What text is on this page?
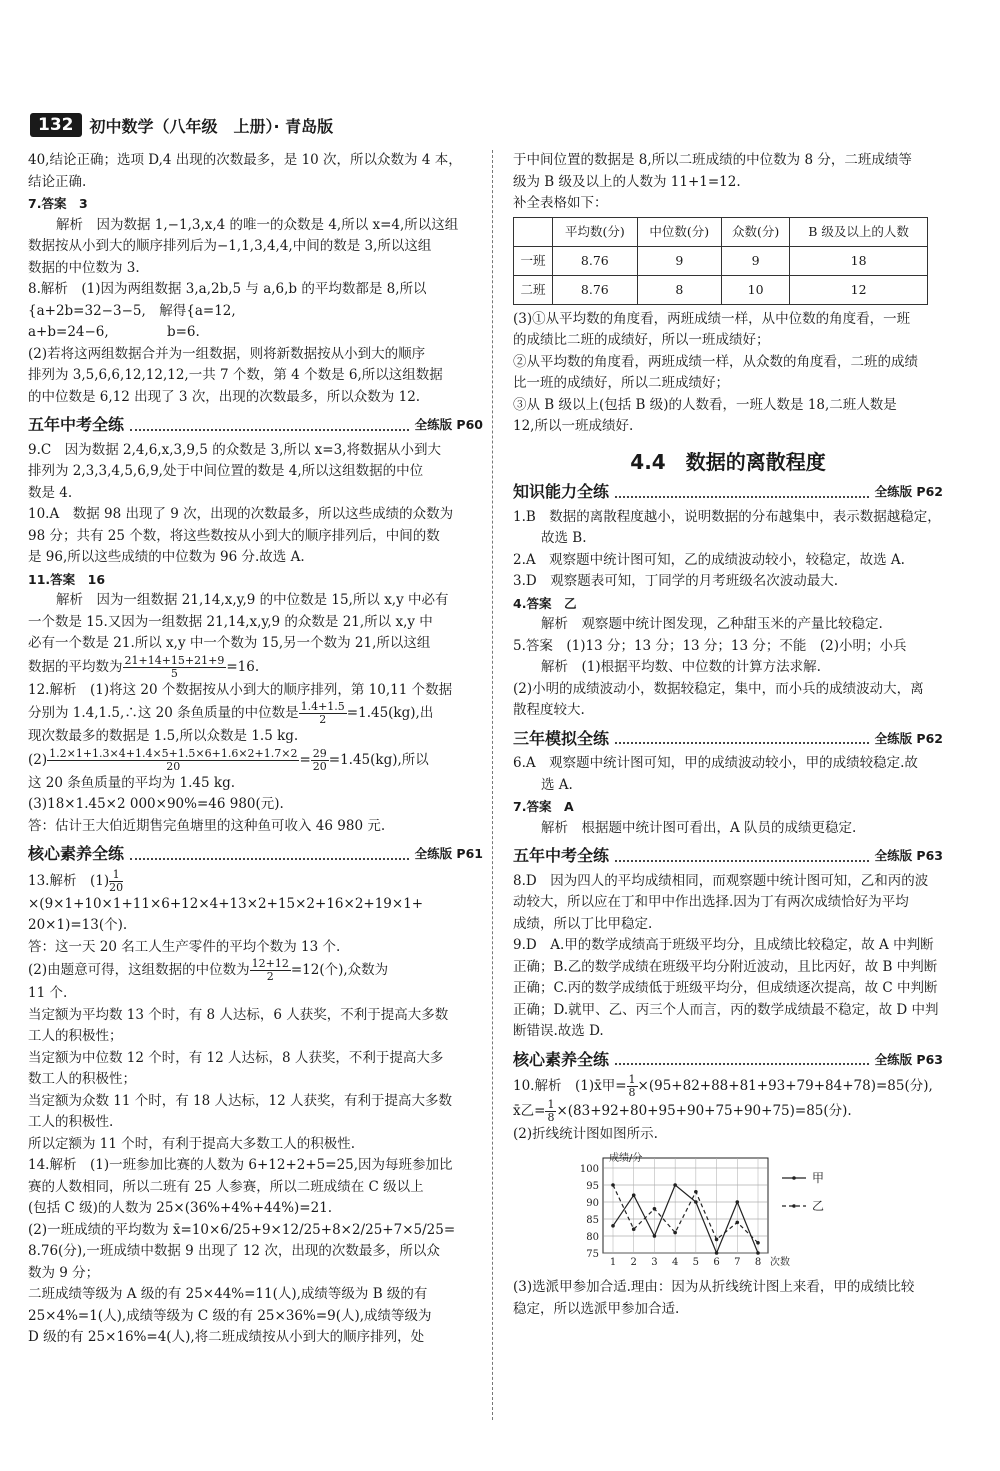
132	初中数学（八年级　上册）· 青岛版

40,结论正确；选项 D,4 出现的次数最多，是 10 次，所以众数为 4 本，

结论正确.

7.答案　3

解析　因为数据 1,−1,3,x,4 的唯一的众数是 4,所以 x=4,所以这组

数据按从小到大的顺序排列后为−1,1,3,4,4,中间的数是 3,所以这组

数据的中位数为 3.

8.解析　(1)因为两组数据 3,a,2b,5 与 a,6,b 的平均数都是 8,所以

{a+2b=32−3−5,　解得{a=12,

a+b=24−6,　　　　 b=6.

(2)若将这两组数据合并为一组数据，则将新数据按从小到大的顺序

排列为 3,5,6,6,12,12,12,一共 7 个数，第 4 个数是 6,所以这组数据

的中位数是 6,12 出现了 3 次，出现的次数最多，所以众数为 12.

五年中考全练	全练版 P60

9.C　因为数据 2,4,6,x,3,9,5 的众数是 3,所以 x=3,将数据从小到大

排列为 2,3,3,4,5,6,9,处于中间位置的数是 4,所以这组数据的中位

数是 4.

10.A　数据 98 出现了 9 次，出现的次数最多，所以这些成绩的众数为

98 分；共有 25 个数，将这些数按从小到大的顺序排列后，中间的数

是 96,所以这些成绩的中位数为 96 分.故选 A.

11.答案　16

解析　因为一组数据 21,14,x,y,9 的中位数是 15,所以 x,y 中必有

一个数是 15.又因为一组数据 21,14,x,y,9 的众数是 21,所以 x,y 中

必有一个数是 21.所以 x,y 中一个数为 15,另一个数为 21,所以这组

数据的平均数为 $\frac{21+14+15+21+9}{5} =16$.

12.解析　(1)将这 20 个数据按从小到大的顺序排列，第 10,11 个数据

分别为 1.4,1.5,∴这 20 条鱼质量的中位数是 $\frac{1.4+1.5}{2} =1.45(kg)$,出

现次数最多的数据是 1.5,所以众数是 1.5 kg.

$(2) \frac{1.2\times 1+1.3\times 4+1.4\times 5+1.5\times 6+1.6\times 2+1.7\times 2}{20} = \frac{29}{20} =1.45(kg)$,所以

这 20 条鱼质量的平均为 1.45 kg.

(3)18×1.45×2 000×90%=46 980(元).

答：估计王大伯近期售完鱼塘里的这种鱼可收入 46 980 元.

核心素养全练	全练版 P61

13.解析　$(1) \frac{1}{20}$
×(9×1+10×1+11×6+12×4+13×2+15×2+16×2+19×1+

20×1)=13(个).

答：这一天 20 名工人生产零件的平均个数为 13 个.

(2)由题意可得，这组数据的中位数为 $\frac{12+12}{2} =12$(个),众数为

11 个.

当定额为平均数 13 个时，有 8 人达标，6 人获奖，不利于提高大多数

工人的积极性；

当定额为中位数 12 个时，有 12 人达标，8 人获奖，不利于提高大多

数工人的积极性；

当定额为众数 11 个时，有 18 人达标，12 人获奖，有利于提高大多数

工人的积极性.

所以定额为 11 个时，有利于提高大多数工人的积极性.

14.解析　(1)一班参加比赛的人数为 6+12+2+5=25,因为每班参加比

赛的人数相同，所以二班有 25 人参赛，所以二班成绩在 C 级以上

(包括 C 级)的人数为 25×(36%+4%+44%)=21.

(2)一班成绩的平均数为 x̄=10×6/25+9×12/25+8×2/25+7×5/25=

8.76(分),一班成绩中数据 9 出现了 12 次，出现的次数最多，所以众

数为 9 分；

二班成绩等级为 A 级的有 25×44%=11(人),成绩等级为 B 级的有

25×4%=1(人),成绩等级为 C 级的有 25×36%=9(人),成绩等级为

D 级的有 25×16%=4(人),将二班成绩按从小到大的顺序排列，处

于中间位置的数据是 8,所以二班成绩的中位数为 8 分，二班成绩等

级为 B 级及以上的人数为 11+1=12.

补全表格如下：

	平均数(分)	中位数(分)	众数(分)	B 级及以上的人数
一班	8.76	9	9	18
二班	8.76	8	10	12

(3)①从平均数的角度看，两班成绩一样，从中位数的角度看，一班

的成绩比二班的成绩好，所以一班成绩好；

②从平均数的角度看，两班成绩一样，从众数的角度看，二班的成绩

比一班的成绩好，所以二班成绩好；

③从 B 级以上(包括 B 级)的人数看，一班人数是 18,二班人数是

12,所以一班成绩好.

4.4　数据的离散程度
知识能力全练	全练版 P62

1.B　数据的离散程度越小，说明数据的分布越集中，表示数据越稳定，

故选 B.

2.A　观察题中统计图可知，乙的成绩波动较小，较稳定，故选 A.

3.D　观察题表可知，丁同学的月考班级名次波动最大.

4.答案　乙

解析　观察题中统计图发现，乙种甜玉米的产量比较稳定.

5.答案　(1)13 分；13 分；13 分；13 分；不能　(2)小明；小兵

解析　(1)根据平均数、中位数的计算方法求解.

(2)小明的成绩波动小，数据较稳定，集中，而小兵的成绩波动大，离

散程度较大.

三年模拟全练	全练版 P62

6.A　观察题中统计图可知，甲的成绩波动较小，甲的成绩较稳定.故

选 A.

7.答案　A

解析　根据题中统计图可看出，A 队员的成绩更稳定.

五年中考全练	全练版 P63

8.D　因为四人的平均成绩相同，而观察题中统计图可知，乙和丙的波

动较大，所以应在丁和甲中作出选择.因为丁有两次成绩恰好为平均

成绩，所以丁比甲稳定.

9.D　A.甲的数学成绩高于班级平均分，且成绩比较稳定，故 A 中判断

正确；B.乙的数学成绩在班级平均分附近波动，且比丙好，故 B 中判断

正确；C.丙的数学成绩低于班级平均分，但成绩逐次提高，故 C 中判断

正确；D.就甲、乙、丙三个人而言，丙的数学成绩最不稳定，故 D 中判

断错误.故选 D.

核心素养全练	全练版 P63

10.解析　(1)x̄甲= $\frac{1}{8} \times(95+82+88+81+93+79+84+78)=85$(分),

x̄乙= $\frac{1}{8} \times(83+92+80+95+90+75+90+75)=85$(分).

(2)折线统计图如图所示.

75
80
85
90
95
100
1 2 3 4 5 6 7 8
成绩/分
次数
甲
乙

(3)选派甲参加合适.理由：因为从折线统计图上来看，甲的成绩比较

稳定，所以选派甲参加合适.
